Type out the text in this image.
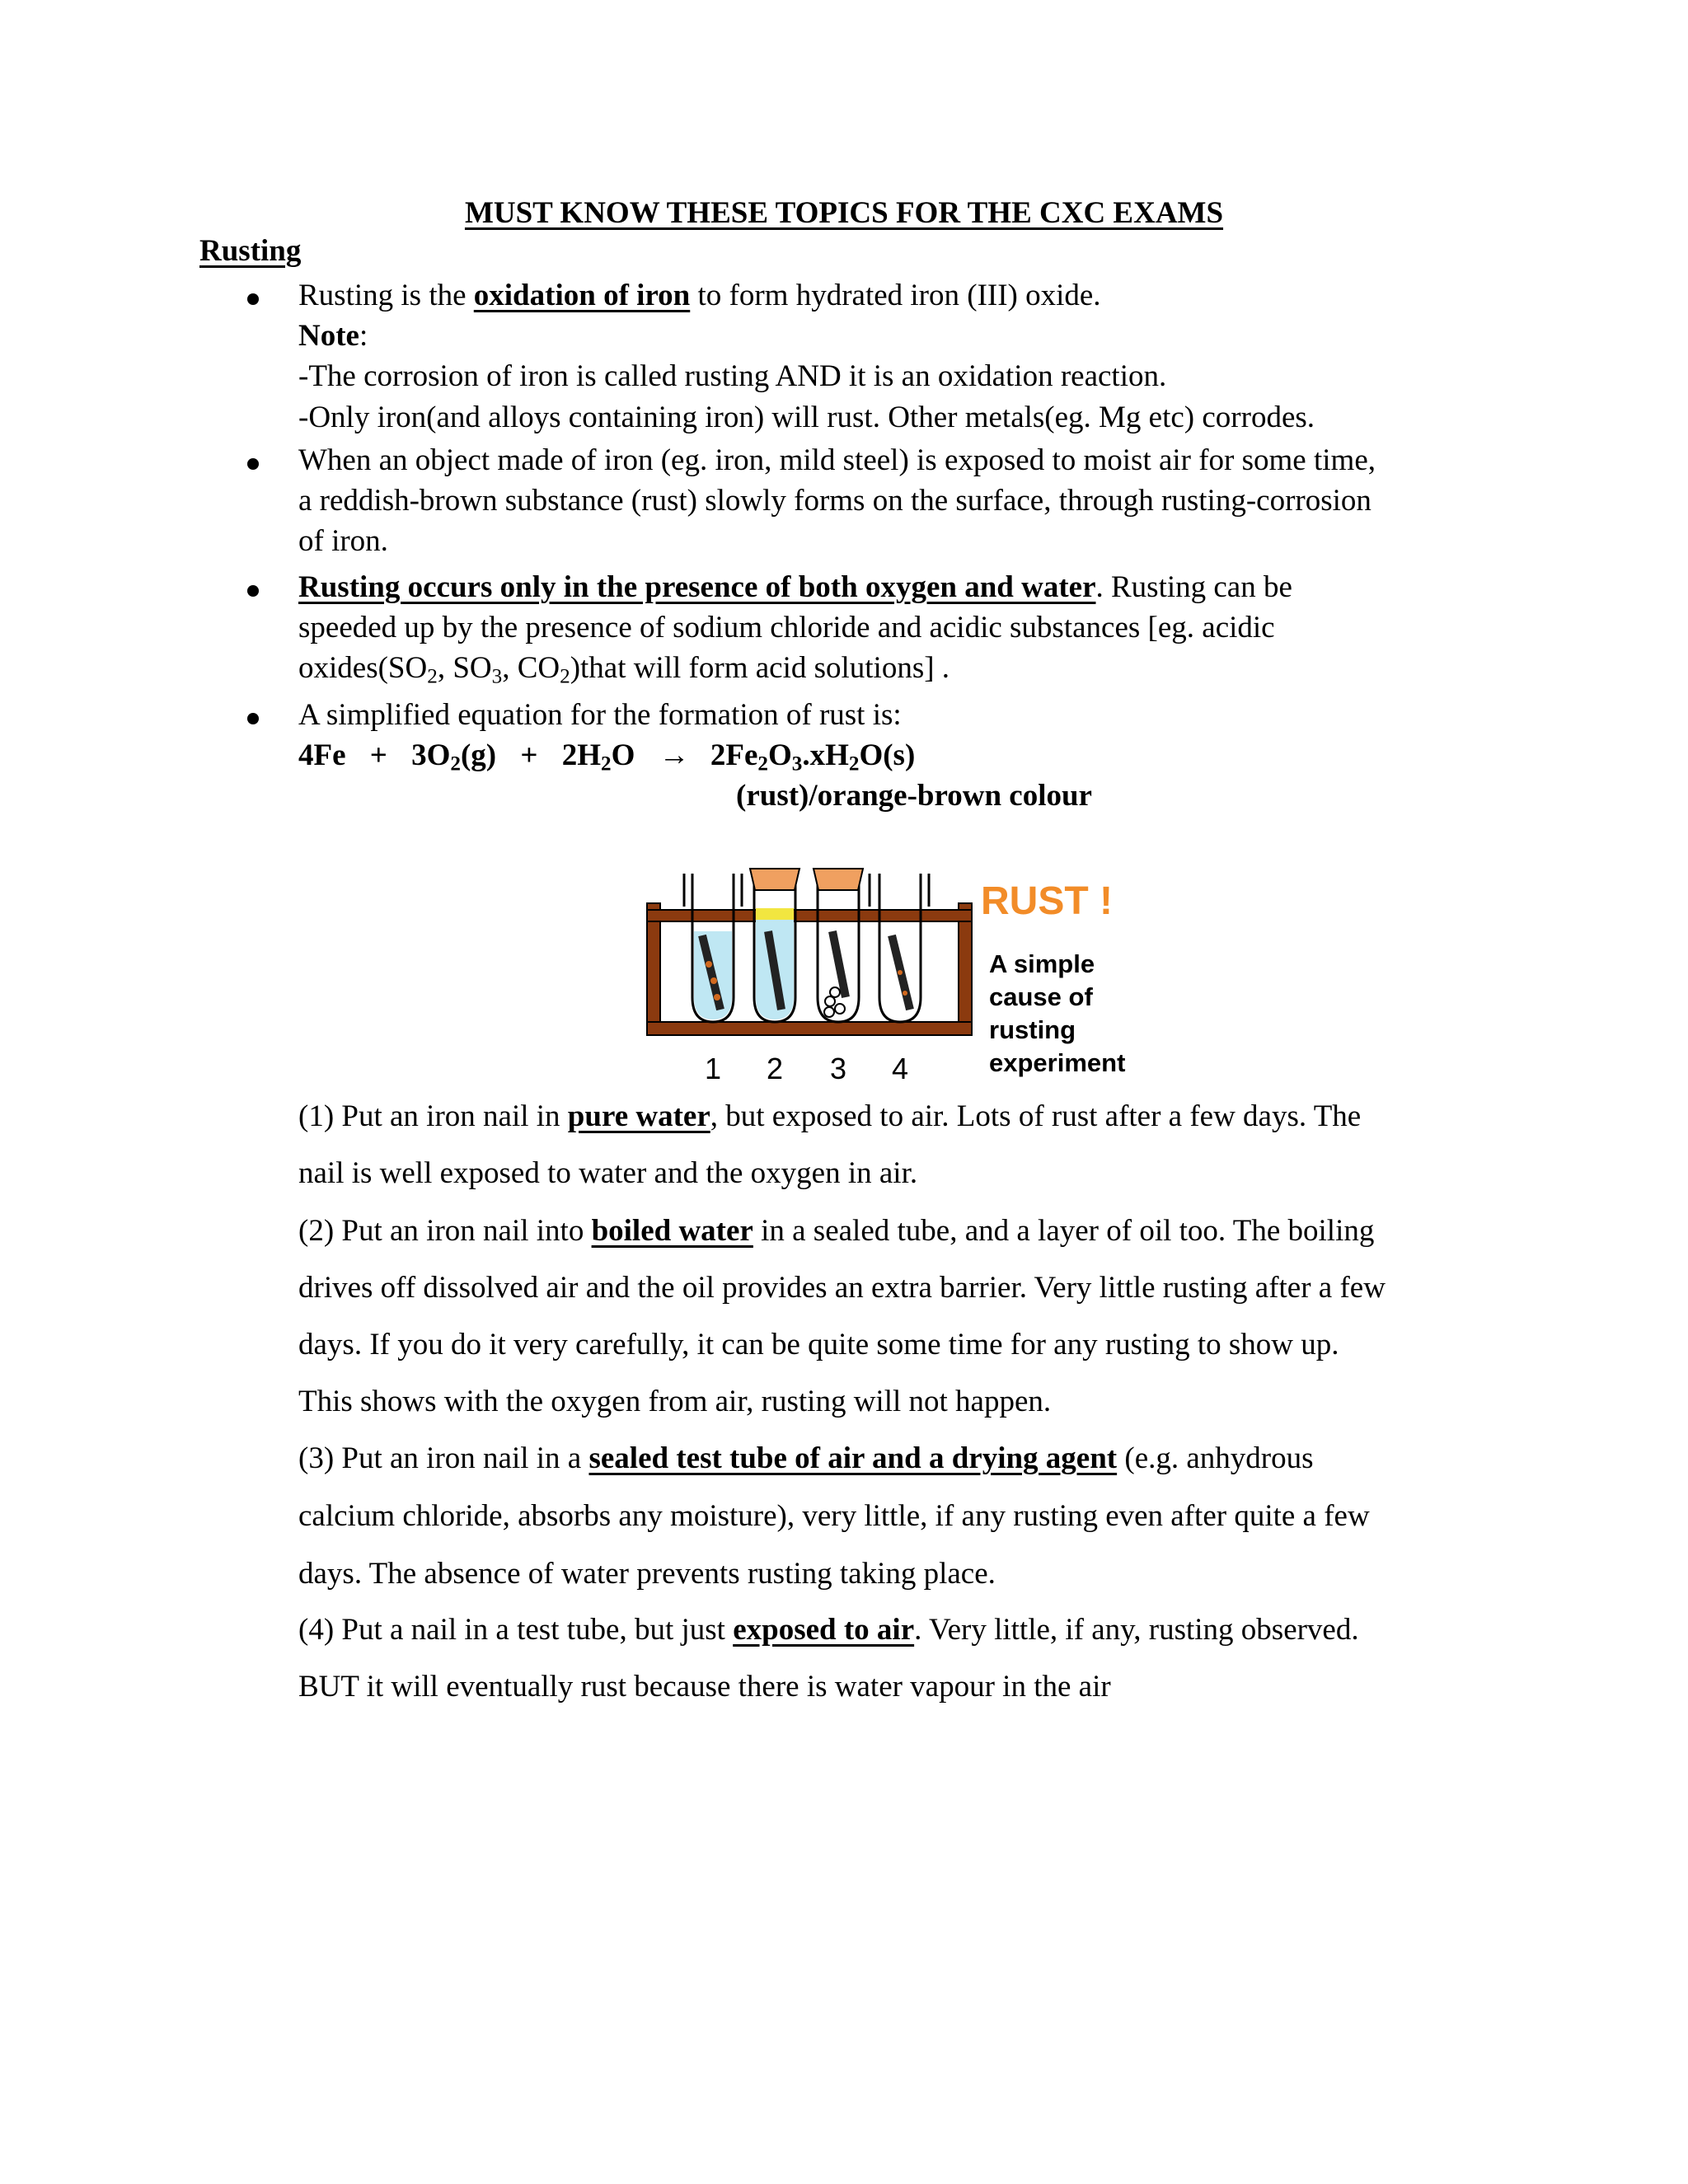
MUST KNOW THESE TOPICS FOR THE CXC EXAMS
Rusting
Rusting is the oxidation of iron to form hydrated iron (III) oxide.
Note:
-The corrosion of iron is called rusting AND it is an oxidation reaction.
-Only iron(and alloys containing iron) will rust. Other metals(eg. Mg etc) corrodes.
When an object made of iron (eg. iron, mild steel) is exposed to moist air for some time,
a reddish-brown substance (rust) slowly forms on the surface, through rusting-corrosion
of iron.
Rusting occurs only in the presence of both oxygen and water. Rusting can be
speeded up by the presence of sodium chloride and acidic substances [eg. acidic
$oxides(SO_2$, $SO_3$, $CO_2)that$ will form acid solutions] .
A simplified equation for the formation of rust is:
$4Fe + 3O_2(g) + 2H_2O \to 2Fe_2O_3.xH_2O(s)$
(rust)/orange-brown colour
1 2 3 4
RUST !
A simple
cause of
rusting
experiment
(1) Put an iron nail in pure water, but exposed to air. Lots of rust after a few days. The
nail is well exposed to water and the oxygen in air.
(2) Put an iron nail into boiled water in a sealed tube, and a layer of oil too. The boiling
drives off dissolved air and the oil provides an extra barrier. Very little rusting after a few
days. If you do it very carefully, it can be quite some time for any rusting to show up.
This shows with the oxygen from air, rusting will not happen.
(3) Put an iron nail in a sealed test tube of air and a drying agent (e.g. anhydrous
calcium chloride, absorbs any moisture), very little, if any rusting even after quite a few
days. The absence of water prevents rusting taking place.
(4) Put a nail in a test tube, but just exposed to air. Very little, if any, rusting observed.
BUT it will eventually rust because there is water vapour in the air
